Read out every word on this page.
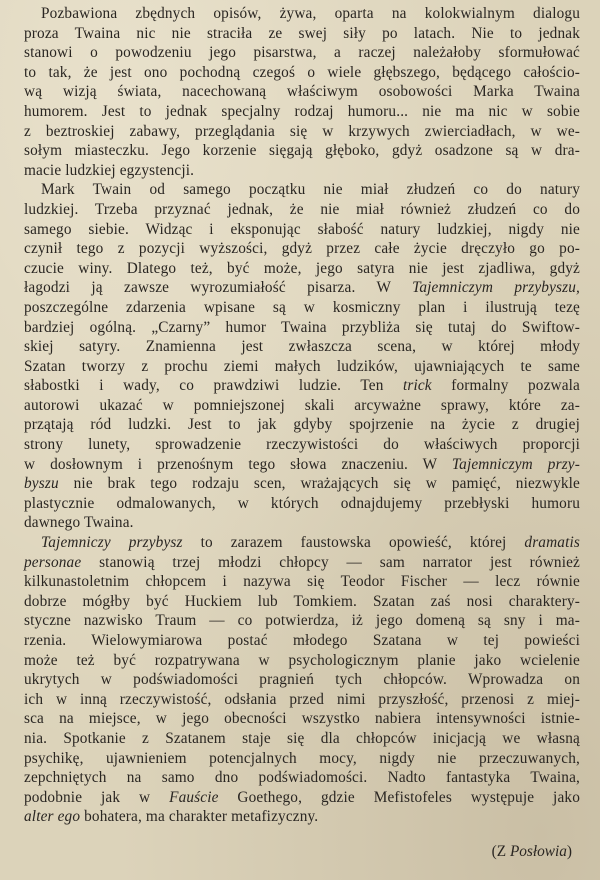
Pozbawiona zbędnych opisów, żywa, oparta na kolokwialnym dialogu
proza Twaina nic nie straciła ze swej siły po latach. Nie to jednak
stanowi o powodzeniu jego pisarstwa, a raczej należałoby sformułować
to tak, że jest ono pochodną czegoś o wiele głębszego, będącego całościo-
wą wizją świata, nacechowaną właściwym osobowości Marka Twaina
humorem. Jest to jednak specjalny rodzaj humoru... nie ma nic w sobie
z beztroskiej zabawy, przeglądania się w krzywych zwierciadłach, w we-
sołym miasteczku. Jego korzenie sięgają głęboko, gdyż osadzone są w dra-
macie ludzkiej egzystencji.
Mark Twain od samego początku nie miał złudzeń co do natury
ludzkiej. Trzeba przyznać jednak, że nie miał również złudzeń co do
samego siebie. Widząc i eksponując słabość natury ludzkiej, nigdy nie
czynił tego z pozycji wyższości, gdyż przez całe życie dręczyło go po-
czucie winy. Dlatego też, być może, jego satyra nie jest zjadliwa, gdyż
łagodzi ją zawsze wyrozumiałość pisarza. W Tajemniczym przybyszu,
poszczególne zdarzenia wpisane są w kosmiczny plan i ilustrują tezę
bardziej ogólną. „Czarny” humor Twaina przybliża się tutaj do Swiftow-
skiej satyry. Znamienna jest zwłaszcza scena, w której młody
Szatan tworzy z prochu ziemi małych ludzików, ujawniających te same
słabostki i wady, co prawdziwi ludzie. Ten trick formalny pozwala
autorowi ukazać w pomniejszonej skali arcyważne sprawy, które za-
przątają ród ludzki. Jest to jak gdyby spojrzenie na życie z drugiej
strony lunety, sprowadzenie rzeczywistości do właściwych proporcji
w dosłownym i przenośnym tego słowa znaczeniu. W Tajemniczym przy-
byszu nie brak tego rodzaju scen, wrażających się w pamięć, niezwykle
plastycznie odmalowanych, w których odnajdujemy przebłyski humoru
dawnego Twaina.
Tajemniczy przybysz to zarazem faustowska opowieść, której dramatis
personae stanowią trzej młodzi chłopcy — sam narrator jest również
kilkunastoletnim chłopcem i nazywa się Teodor Fischer — lecz równie
dobrze mógłby być Huckiem lub Tomkiem. Szatan zaś nosi charaktery-
styczne nazwisko Traum — co potwierdza, iż jego domeną są sny i ma-
rzenia. Wielowymiarowa postać młodego Szatana w tej powieści
może też być rozpatrywana w psychologicznym planie jako wcielenie
ukrytych w podświadomości pragnień tych chłopców. Wprowadza on
ich w inną rzeczywistość, odsłania przed nimi przyszłość, przenosi z miej-
sca na miejsce, w jego obecności wszystko nabiera intensywności istnie-
nia. Spotkanie z Szatanem staje się dla chłopców inicjacją we własną
psychikę, ujawnieniem potencjalnych mocy, nigdy nie przeczuwanych,
zepchniętych na samo dno podświadomości. Nadto fantastyka Twaina,
podobnie jak w Fauście Goethego, gdzie Mefistofeles występuje jako
alter ego bohatera, ma charakter metafizyczny.
(Z Posłowia)
